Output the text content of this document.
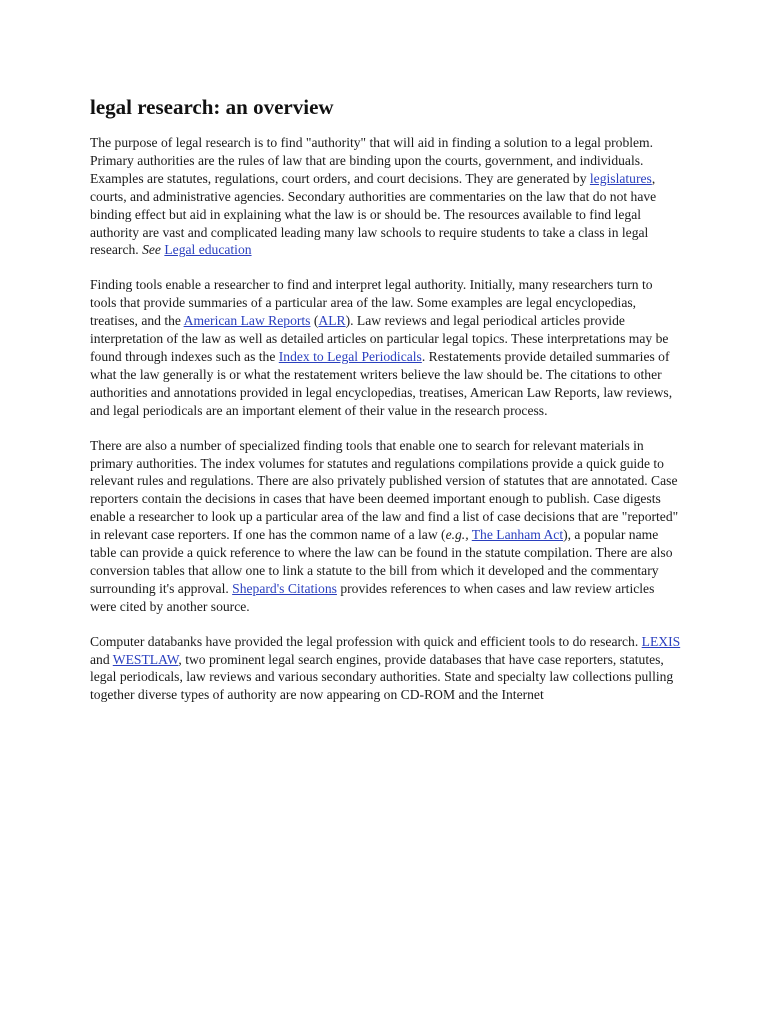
legal research: an overview

The purpose of legal research is to find "authority" that will aid in finding a solution to a legal problem. Primary authorities are the rules of law that are binding upon the courts, government, and individuals. Examples are statutes, regulations, court orders, and court decisions. They are generated by legislatures, courts, and administrative agencies. Secondary authorities are commentaries on the law that do not have binding effect but aid in explaining what the law is or should be. The resources available to find legal authority are vast and complicated leading many law schools to require students to take a class in legal research. See Legal education

Finding tools enable a researcher to find and interpret legal authority. Initially, many researchers turn to tools that provide summaries of a particular area of the law. Some examples are legal encyclopedias, treatises, and the American Law Reports (ALR). Law reviews and legal periodical articles provide interpretation of the law as well as detailed articles on particular legal topics. These interpretations may be found through indexes such as the Index to Legal Periodicals. Restatements provide detailed summaries of what the law generally is or what the restatement writers believe the law should be. The citations to other authorities and annotations provided in legal encyclopedias, treatises, American Law Reports, law reviews, and legal periodicals are an important element of their value in the research process.

There are also a number of specialized finding tools that enable one to search for relevant materials in primary authorities. The index volumes for statutes and regulations compilations provide a quick guide to relevant rules and regulations. There are also privately published version of statutes that are annotated. Case reporters contain the decisions in cases that have been deemed important enough to publish. Case digests enable a researcher to look up a particular area of the law and find a list of case decisions that are "reported" in relevant case reporters. If one has the common name of a law (e.g., The Lanham Act), a popular name table can provide a quick reference to where the law can be found in the statute compilation. There are also conversion tables that allow one to link a statute to the bill from which it developed and the commentary surrounding it's approval. Shepard's Citations provides references to when cases and law review articles were cited by another source.

Computer databanks have provided the legal profession with quick and efficient tools to do research. LEXIS and WESTLAW, two prominent legal search engines, provide databases that have case reporters, statutes, legal periodicals, law reviews and various secondary authorities. State and specialty law collections pulling together diverse types of authority are now appearing on CD-ROM and the Internet
